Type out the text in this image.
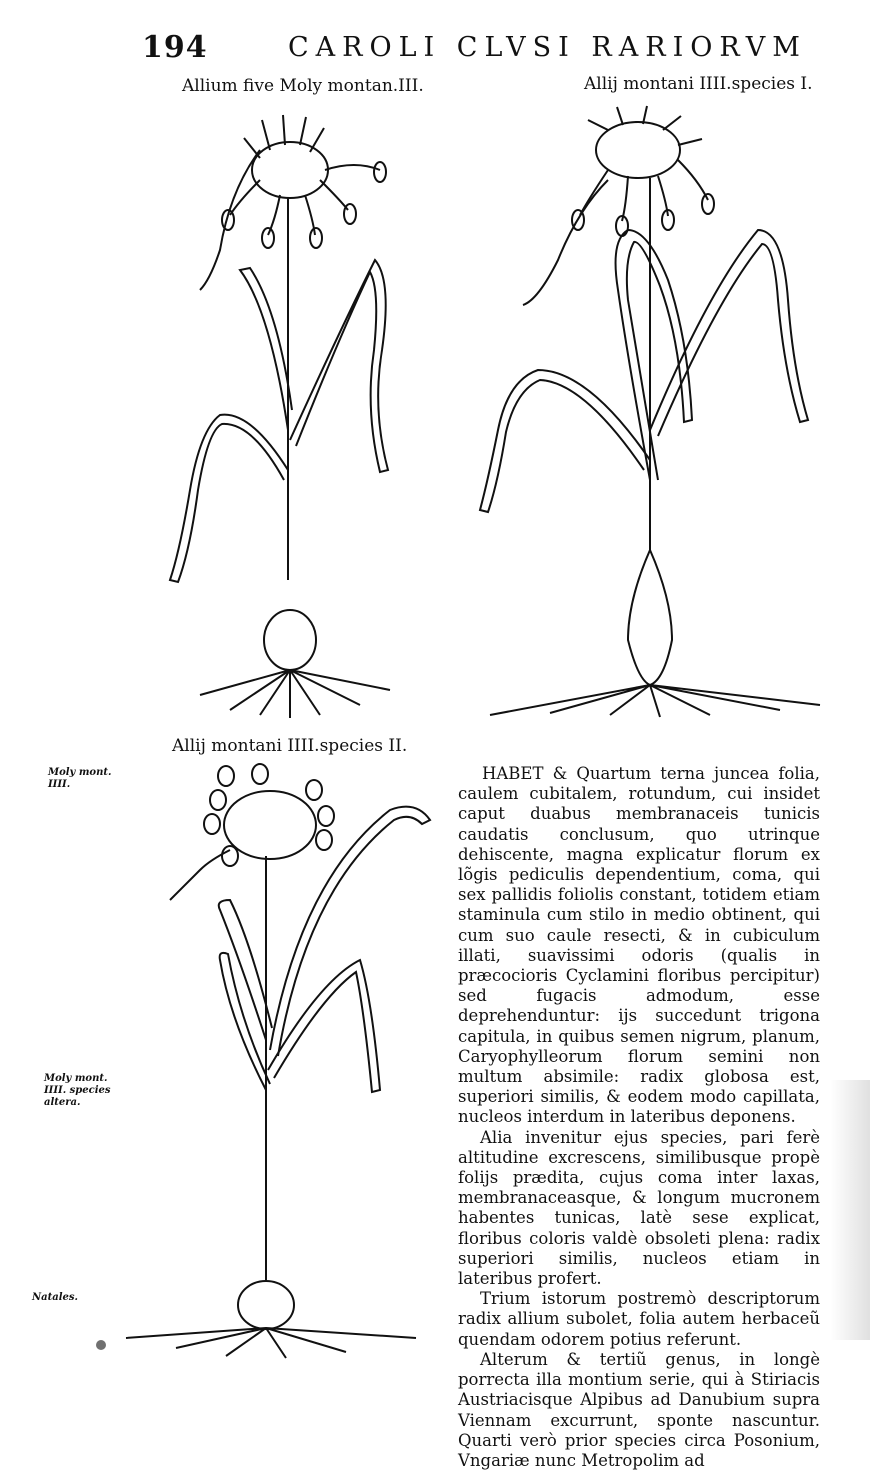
194	CAROLI CLVSI RARIORVM
Allium five Moly montan.III.	Allij montani IIII.species I.
Allij montani IIII.species II.
Moly mont. IIII.
Moly mont. IIII. species altera.
Natales.

HABET & Quartum terna juncea folia, caulem cubitalem, rotundum, cui insidet caput duabus membranaceis tunicis caudatis conclusum, quo utrinque dehiscente, magna explicatur florum ex lõgis pediculis dependentium, coma, qui sex pallidis foliolis constant, totidem etiam staminula cum stilo in medio obtinent, qui cum suo caule resecti, & in cubiculum illati, suavissimi odoris (qualis in præcocioris Cyclamini floribus percipitur) sed fugacis admodum, esse deprehenduntur: ijs succedunt trigona capitula, in quibus semen nigrum, planum, Caryophylleorum florum semini non multum absimile: radix globosa est, superiori similis, & eodem modo capillata, nucleos interdum in lateribus deponens.

Alia invenitur ejus species, pari ferè altitudine excrescens, similibusque propè folijs prædita, cujus coma inter laxas, membranaceasque, & longum mucronem habentes tunicas, latè sese explicat, floribus coloris valdè obsoleti plena: radix superiori similis, nucleos etiam in lateribus profert.

Trium istorum postremò descriptorum radix allium subolet, folia autem herbaceũ quendam odorem potius referunt.

Alterum & tertiũ genus, in longè porrecta illa montium serie, qui à Stiriacis Austriacisque Alpibus ad Danubium supra Viennam excurrunt, sponte nascuntur. Quarti verò prior species circa Posonium, Vngariæ nunc Metropolim ad
